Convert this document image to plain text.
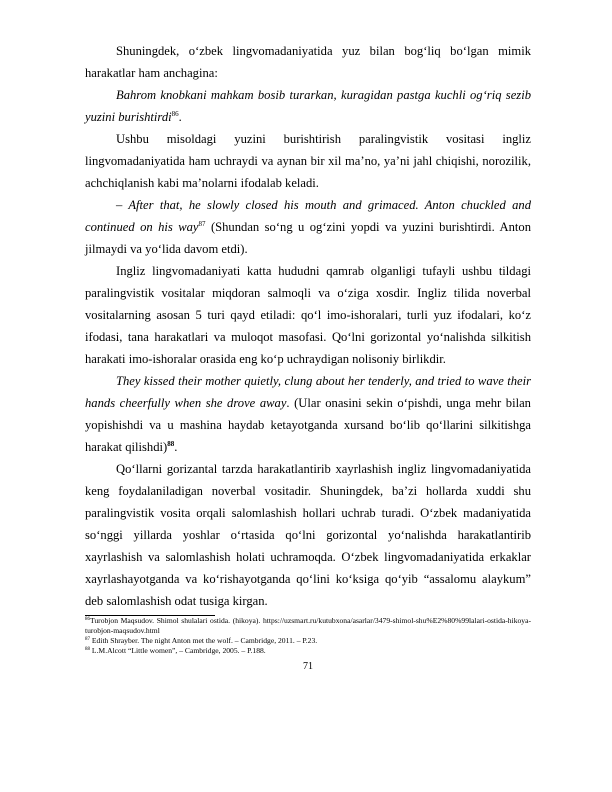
Shuningdek, o‘zbek lingvomadaniyatida yuz bilan bog‘liq bo‘lgan mimik harakatlar ham anchagina:

Bahrom knobkani mahkam bosib turarkan, kuragidan pastga kuchli og‘riq sezib yuzini burishtirdi$^{86}$.

Ushbu misoldagi yuzini burishtirish paralingvistik vositasi ingliz lingvomadaniyatida ham uchraydi va aynan bir xil ma’no, ya’ni jahl chiqishi, norozilik, achchiqlanish kabi ma’nolarni ifodalab keladi.

– After that, he slowly closed his mouth and grimaced. Anton chuckled and continued on his way$^{87}$ (Shundan so‘ng u og‘zini yopdi va yuzini burishtirdi. Anton jilmaydi va yo‘lida davom etdi).

Ingliz lingvomadaniyati katta hududni qamrab olganligi tufayli ushbu tildagi paralingvistik vositalar miqdoran salmoqli va o‘ziga xosdir. Ingliz tilida noverbal vositalarning asosan 5 turi qayd etiladi: qo‘l imo-ishoralari, turli yuz ifodalari, ko‘z ifodasi, tana harakatlari va muloqot masofasi. Qo‘lni gorizontal yo‘nalishda silkitish harakati imo-ishoralar orasida eng ko‘p uchraydigan nolisoniy birlikdir.

They kissed their mother quietly, clung about her tenderly, and tried to wave their hands cheerfully when she drove away. (Ular onasini sekin o‘pishdi, unga mehr bilan yopishishdi va u mashina haydab ketayotganda xursand bo‘lib qo‘llarini silkitishga harakat qilishdi)$^{88}$.

Qo‘llarni gorizantal tarzda harakatlantirib xayrlashish ingliz lingvomadaniyatida keng foydalaniladigan noverbal vositadir. Shuningdek, ba’zi hollarda xuddi shu paralingvistik vosita orqali salomlashish hollari uchrab turadi. O‘zbek madaniyatida so‘nggi yillarda yoshlar o‘rtasida qo‘lni gorizontal yo‘nalishda harakatlantirib xayrlashish va salomlashish holati uchramoqda. O‘zbek lingvomadaniyatida erkaklar xayrlashayotganda va ko‘rishayotganda qo‘lini ko‘ksiga qo‘yib “assalomu alaykum” deb salomlashish odat tusiga kirgan.

$^{86}$Turobjon Maqsudov. Shimol shulalari ostida. (hikoya). https://uzsmart.ru/kutubxona/asarlar/3479-shimol-shu%E2%80%99lalari-ostida-hikoya-turobjon-maqsudov.html

$^{87}$ Edith Shrayber. The night Anton met the wolf. – Cambridge, 2011. – P.23.

$^{88}$ L.M.Alcott “Little women”, – Cambridge, 2005. – P.188.

71
